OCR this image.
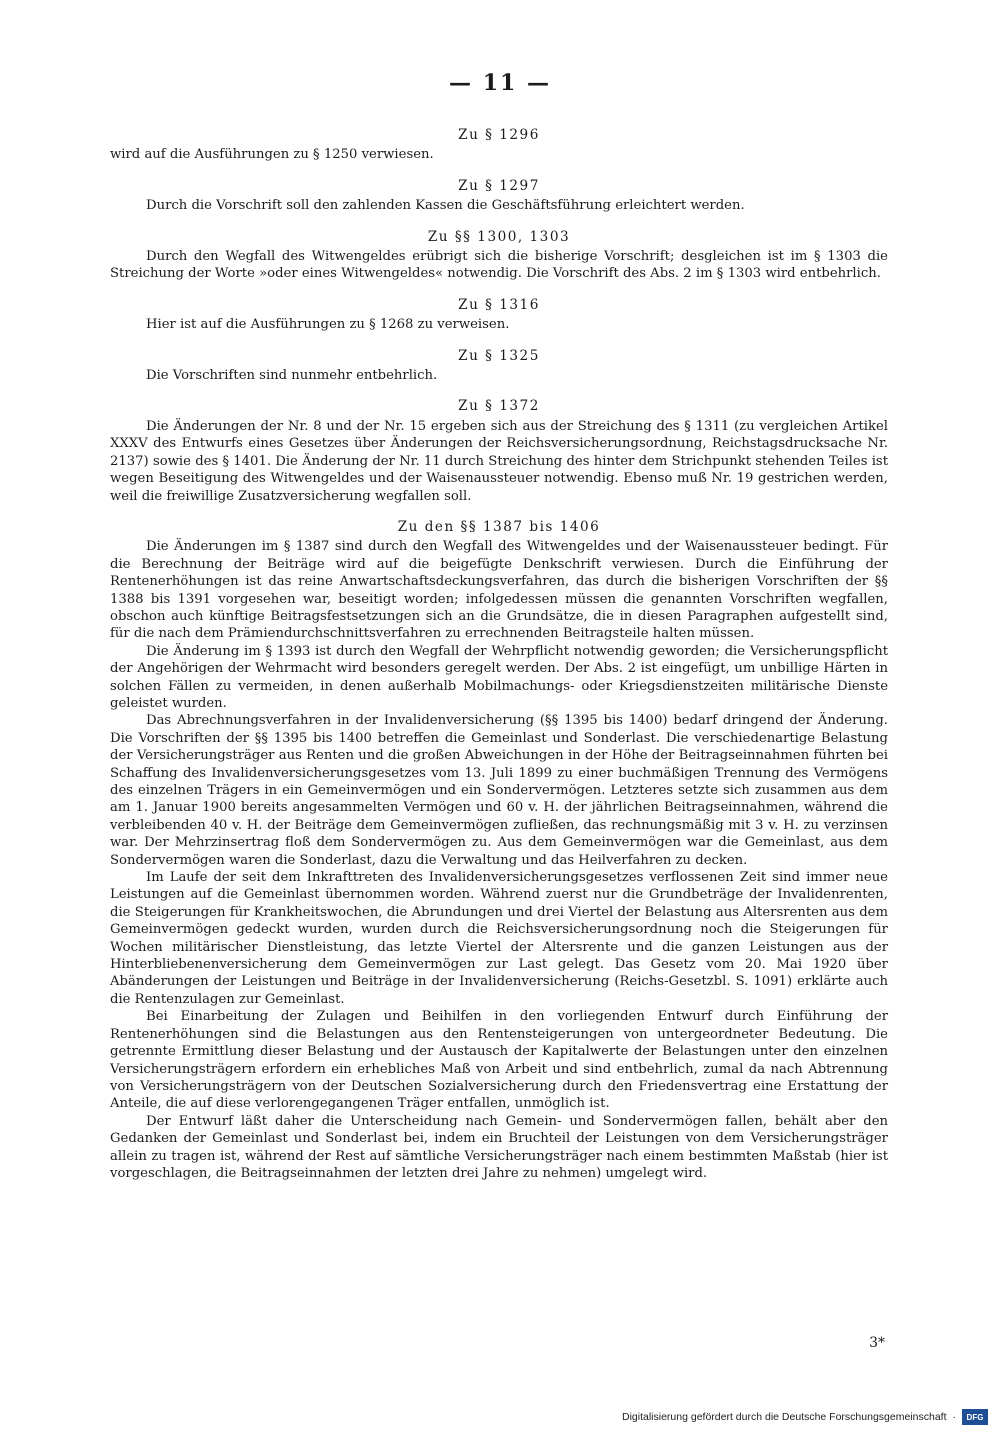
— 11 —
Zu § 1296

wird auf die Ausführungen zu § 1250 verwiesen.

Zu § 1297

Durch die Vorschrift soll den zahlenden Kassen die Geschäftsführung erleichtert werden.

Zu §§ 1300, 1303

Durch den Wegfall des Witwengeldes erübrigt sich die bisherige Vorschrift; desgleichen ist im § 1303 die Streichung der Worte »oder eines Witwengeldes« notwendig. Die Vorschrift des Abs. 2 im § 1303 wird entbehrlich.

Zu § 1316

Hier ist auf die Ausführungen zu § 1268 zu verweisen.

Zu § 1325

Die Vorschriften sind nunmehr entbehrlich.

Zu § 1372

Die Änderungen der Nr. 8 und der Nr. 15 ergeben sich aus der Streichung des § 1311 (zu vergleichen Artikel XXXV des Entwurfs eines Gesetzes über Änderungen der Reichsversicherungsordnung, Reichstagsdrucksache Nr. 2137) sowie des § 1401. Die Änderung der Nr. 11 durch Streichung des hinter dem Strichpunkt stehenden Teiles ist wegen Beseitigung des Witwengeldes und der Waisenaussteuer notwendig. Ebenso muß Nr. 19 gestrichen werden, weil die freiwillige Zusatzversicherung wegfallen soll.

Zu den §§ 1387 bis 1406

Die Änderungen im § 1387 sind durch den Wegfall des Witwengeldes und der Waisenaussteuer bedingt. Für die Berechnung der Beiträge wird auf die beigefügte Denkschrift verwiesen. Durch die Einführung der Rentenerhöhungen ist das reine Anwartschaftsdeckungsverfahren, das durch die bisherigen Vorschriften der §§ 1388 bis 1391 vorgesehen war, beseitigt worden; infolgedessen müssen die genannten Vorschriften wegfallen, obschon auch künftige Beitragsfestsetzungen sich an die Grundsätze, die in diesen Paragraphen aufgestellt sind, für die nach dem Prämiendurchschnittsverfahren zu errechnenden Beitragsteile halten müssen.

Die Änderung im § 1393 ist durch den Wegfall der Wehrpflicht notwendig geworden; die Versicherungspflicht der Angehörigen der Wehrmacht wird besonders geregelt werden. Der Abs. 2 ist eingefügt, um unbillige Härten in solchen Fällen zu vermeiden, in denen außerhalb Mobilmachungs- oder Kriegsdienstzeiten militärische Dienste geleistet wurden.

Das Abrechnungsverfahren in der Invalidenversicherung (§§ 1395 bis 1400) bedarf dringend der Änderung. Die Vorschriften der §§ 1395 bis 1400 betreffen die Gemeinlast und Sonderlast. Die verschiedenartige Belastung der Versicherungsträger aus Renten und die großen Abweichungen in der Höhe der Beitragseinnahmen führten bei Schaffung des Invalidenversicherungsgesetzes vom 13. Juli 1899 zu einer buchmäßigen Trennung des Vermögens des einzelnen Trägers in ein Gemeinvermögen und ein Sondervermögen. Letzteres setzte sich zusammen aus dem am 1. Januar 1900 bereits angesammelten Vermögen und 60 v. H. der jährlichen Beitragseinnahmen, während die verbleibenden 40 v. H. der Beiträge dem Gemeinvermögen zufließen, das rechnungsmäßig mit 3 v. H. zu verzinsen war. Der Mehrzinsertrag floß dem Sondervermögen zu. Aus dem Gemeinvermögen war die Gemeinlast, aus dem Sondervermögen waren die Sonderlast, dazu die Verwaltung und das Heilverfahren zu decken.

Im Laufe der seit dem Inkrafttreten des Invalidenversicherungsgesetzes verflossenen Zeit sind immer neue Leistungen auf die Gemeinlast übernommen worden. Während zuerst nur die Grundbeträge der Invalidenrenten, die Steigerungen für Krankheitswochen, die Abrundungen und drei Viertel der Belastung aus Altersrenten aus dem Gemeinvermögen gedeckt wurden, wurden durch die Reichsversicherungsordnung noch die Steigerungen für Wochen militärischer Dienstleistung, das letzte Viertel der Altersrente und die ganzen Leistungen aus der Hinterbliebenenversicherung dem Gemeinvermögen zur Last gelegt. Das Gesetz vom 20. Mai 1920 über Abänderungen der Leistungen und Beiträge in der Invalidenversicherung (Reichs-Gesetzbl. S. 1091) erklärte auch die Rentenzulagen zur Gemeinlast.

Bei Einarbeitung der Zulagen und Beihilfen in den vorliegenden Entwurf durch Einführung der Rentenerhöhungen sind die Belastungen aus den Rentensteigerungen von untergeordneter Bedeutung. Die getrennte Ermittlung dieser Belastung und der Austausch der Kapitalwerte der Belastungen unter den einzelnen Versicherungsträgern erfordern ein erhebliches Maß von Arbeit und sind entbehrlich, zumal da nach Abtrennung von Versicherungsträgern von der Deutschen Sozialversicherung durch den Friedensvertrag eine Erstattung der Anteile, die auf diese verlorengegangenen Träger entfallen, unmöglich ist.

Der Entwurf läßt daher die Unterscheidung nach Gemein- und Sondervermögen fallen, behält aber den Gedanken der Gemeinlast und Sonderlast bei, indem ein Bruchteil der Leistungen von dem Versicherungsträger allein zu tragen ist, während der Rest auf sämtliche Versicherungsträger nach einem bestimmten Maßstab (hier ist vorgeschlagen, die Beitragseinnahmen der letzten drei Jahre zu nehmen) umgelegt wird.

3*
Digitalisierung gefördert durch die Deutsche Forschungsgemeinschaft ·	DFG
